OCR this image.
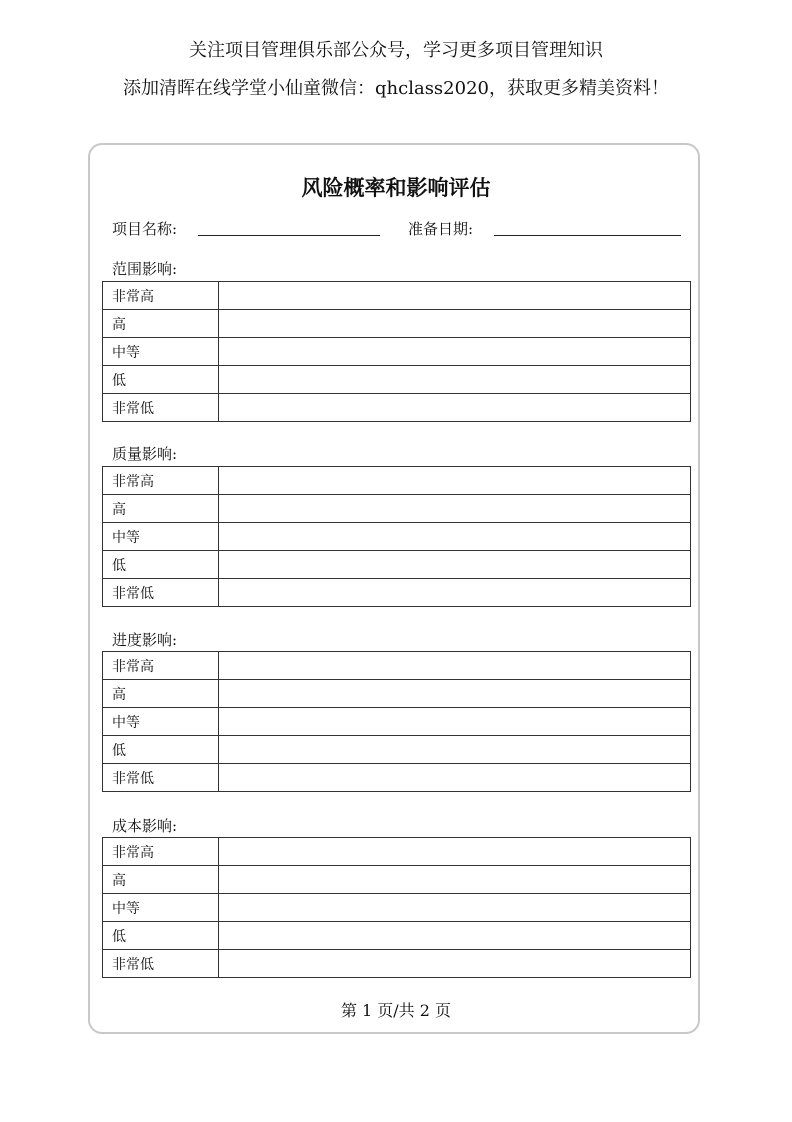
关注项目管理俱乐部公众号，学习更多项目管理知识
添加清晖在线学堂小仙童微信：qhclass2020，获取更多精美资料！
风险概率和影响评估
项目名称:	准备日期:
范围影响:
非常高	
高	
中等	
低	
非常低	
质量影响:
非常高	
高	
中等	
低	
非常低	
进度影响:
非常高	
高	
中等	
低	
非常低	
成本影响:
非常高	
高	
中等	
低	
非常低	
第 1 页/共 2 页
